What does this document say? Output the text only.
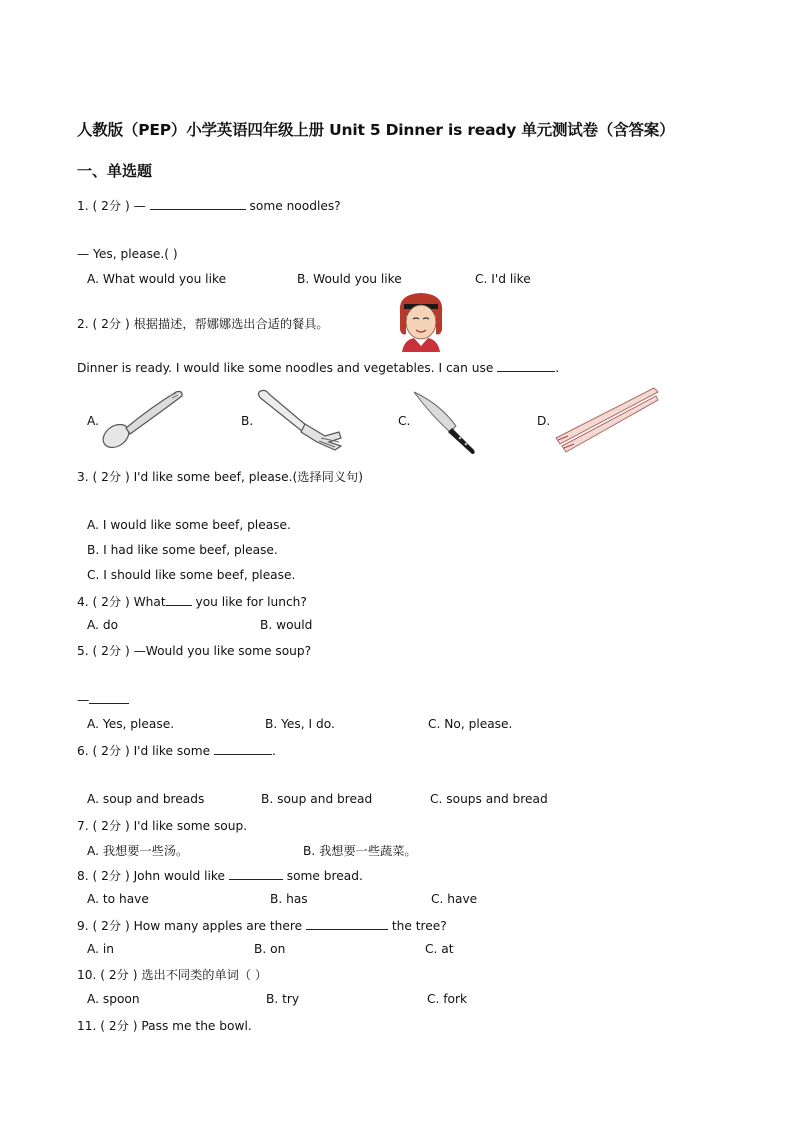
人教版（PEP）小学英语四年级上册 Unit 5 Dinner is ready 单元测试卷（含答案）
一、单选题
1. ( 2分 ) —	some noodles?
— Yes, please.( )
A. What would you like	B. Would you like	C. I'd like
2. ( 2分 ) 根据描述，帮娜娜选出合适的餐具。
Dinner is ready. I would like some noodles and vegetables. I can use	.
A.	B.	C.	D.
3. ( 2分 ) I'd like some beef, please.(选择同义句)
A. I would like some beef, please.
B. I had like some beef, please.
C. I should like some beef, please.
4. ( 2分 ) What you like for lunch?
A. do	B. would
5. ( 2分 ) —Would you like some soup?
—
A. Yes, please.	B. Yes, I do.	C. No, please.
6. ( 2分 ) I'd like some	.
A. soup and breads	B. soup and bread	C. soups and bread
7. ( 2分 ) I'd like some soup.
A. 我想要一些汤。	B. 我想要一些蔬菜。
8. ( 2分 ) John would like	some bread.
A. to have	B. has	C. have
9. ( 2分 ) How many apples are there	the tree?
A. in	B. on	C. at
10. ( 2分 ) 选出不同类的单词（ ）
A. spoon	B. try	C. fork
11. ( 2分 ) Pass me the bowl.
